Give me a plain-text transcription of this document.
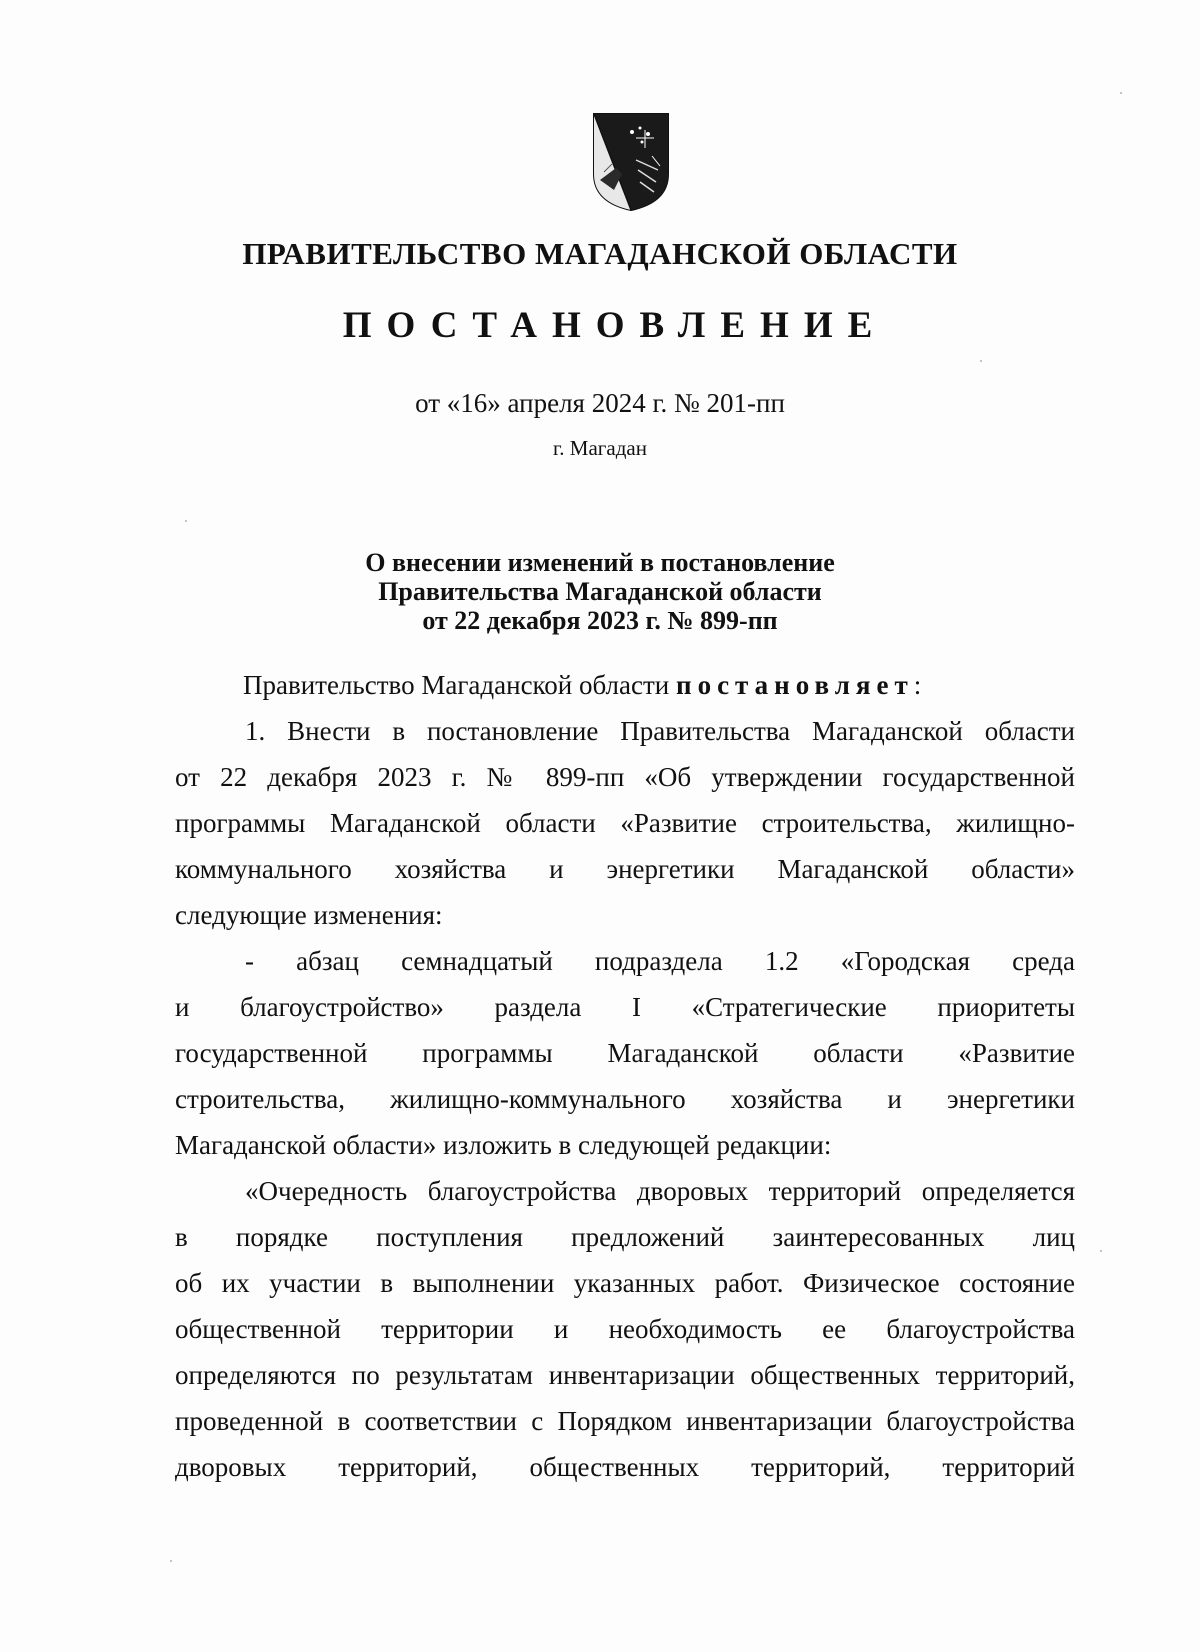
ПРАВИТЕЛЬСТВО МАГАДАНСКОЙ ОБЛАСТИ
ПОСТАНОВЛЕНИЕ
от «16» апреля 2024 г. № 201-пп
г. Магадан
О внесении изменений в постановление
Правительства Магаданской области
от 22 декабря 2023 г. № 899-пп
Правительство Магаданской области постановляет:
1. Внести в постановление Правительства Магаданской области
от 22 декабря 2023 г. № 899-пп «Об утверждении государственной
программы Магаданской области «Развитие строительства, жилищно-
коммунального хозяйства и энергетики Магаданской области»
следующие изменения:
- абзац семнадцатый подраздела 1.2 «Городская среда
и благоустройство» раздела I «Стратегические приоритеты
государственной программы Магаданской области «Развитие
строительства, жилищно-коммунального хозяйства и энергетики
Магаданской области» изложить в следующей редакции:
«Очередность благоустройства дворовых территорий определяется
в порядке поступления предложений заинтересованных лиц
об их участии в выполнении указанных работ. Физическое состояние
общественной территории и необходимость ее благоустройства
определяются по результатам инвентаризации общественных территорий,
проведенной в соответствии с Порядком инвентаризации благоустройства
дворовых территорий, общественных территорий, территорий
